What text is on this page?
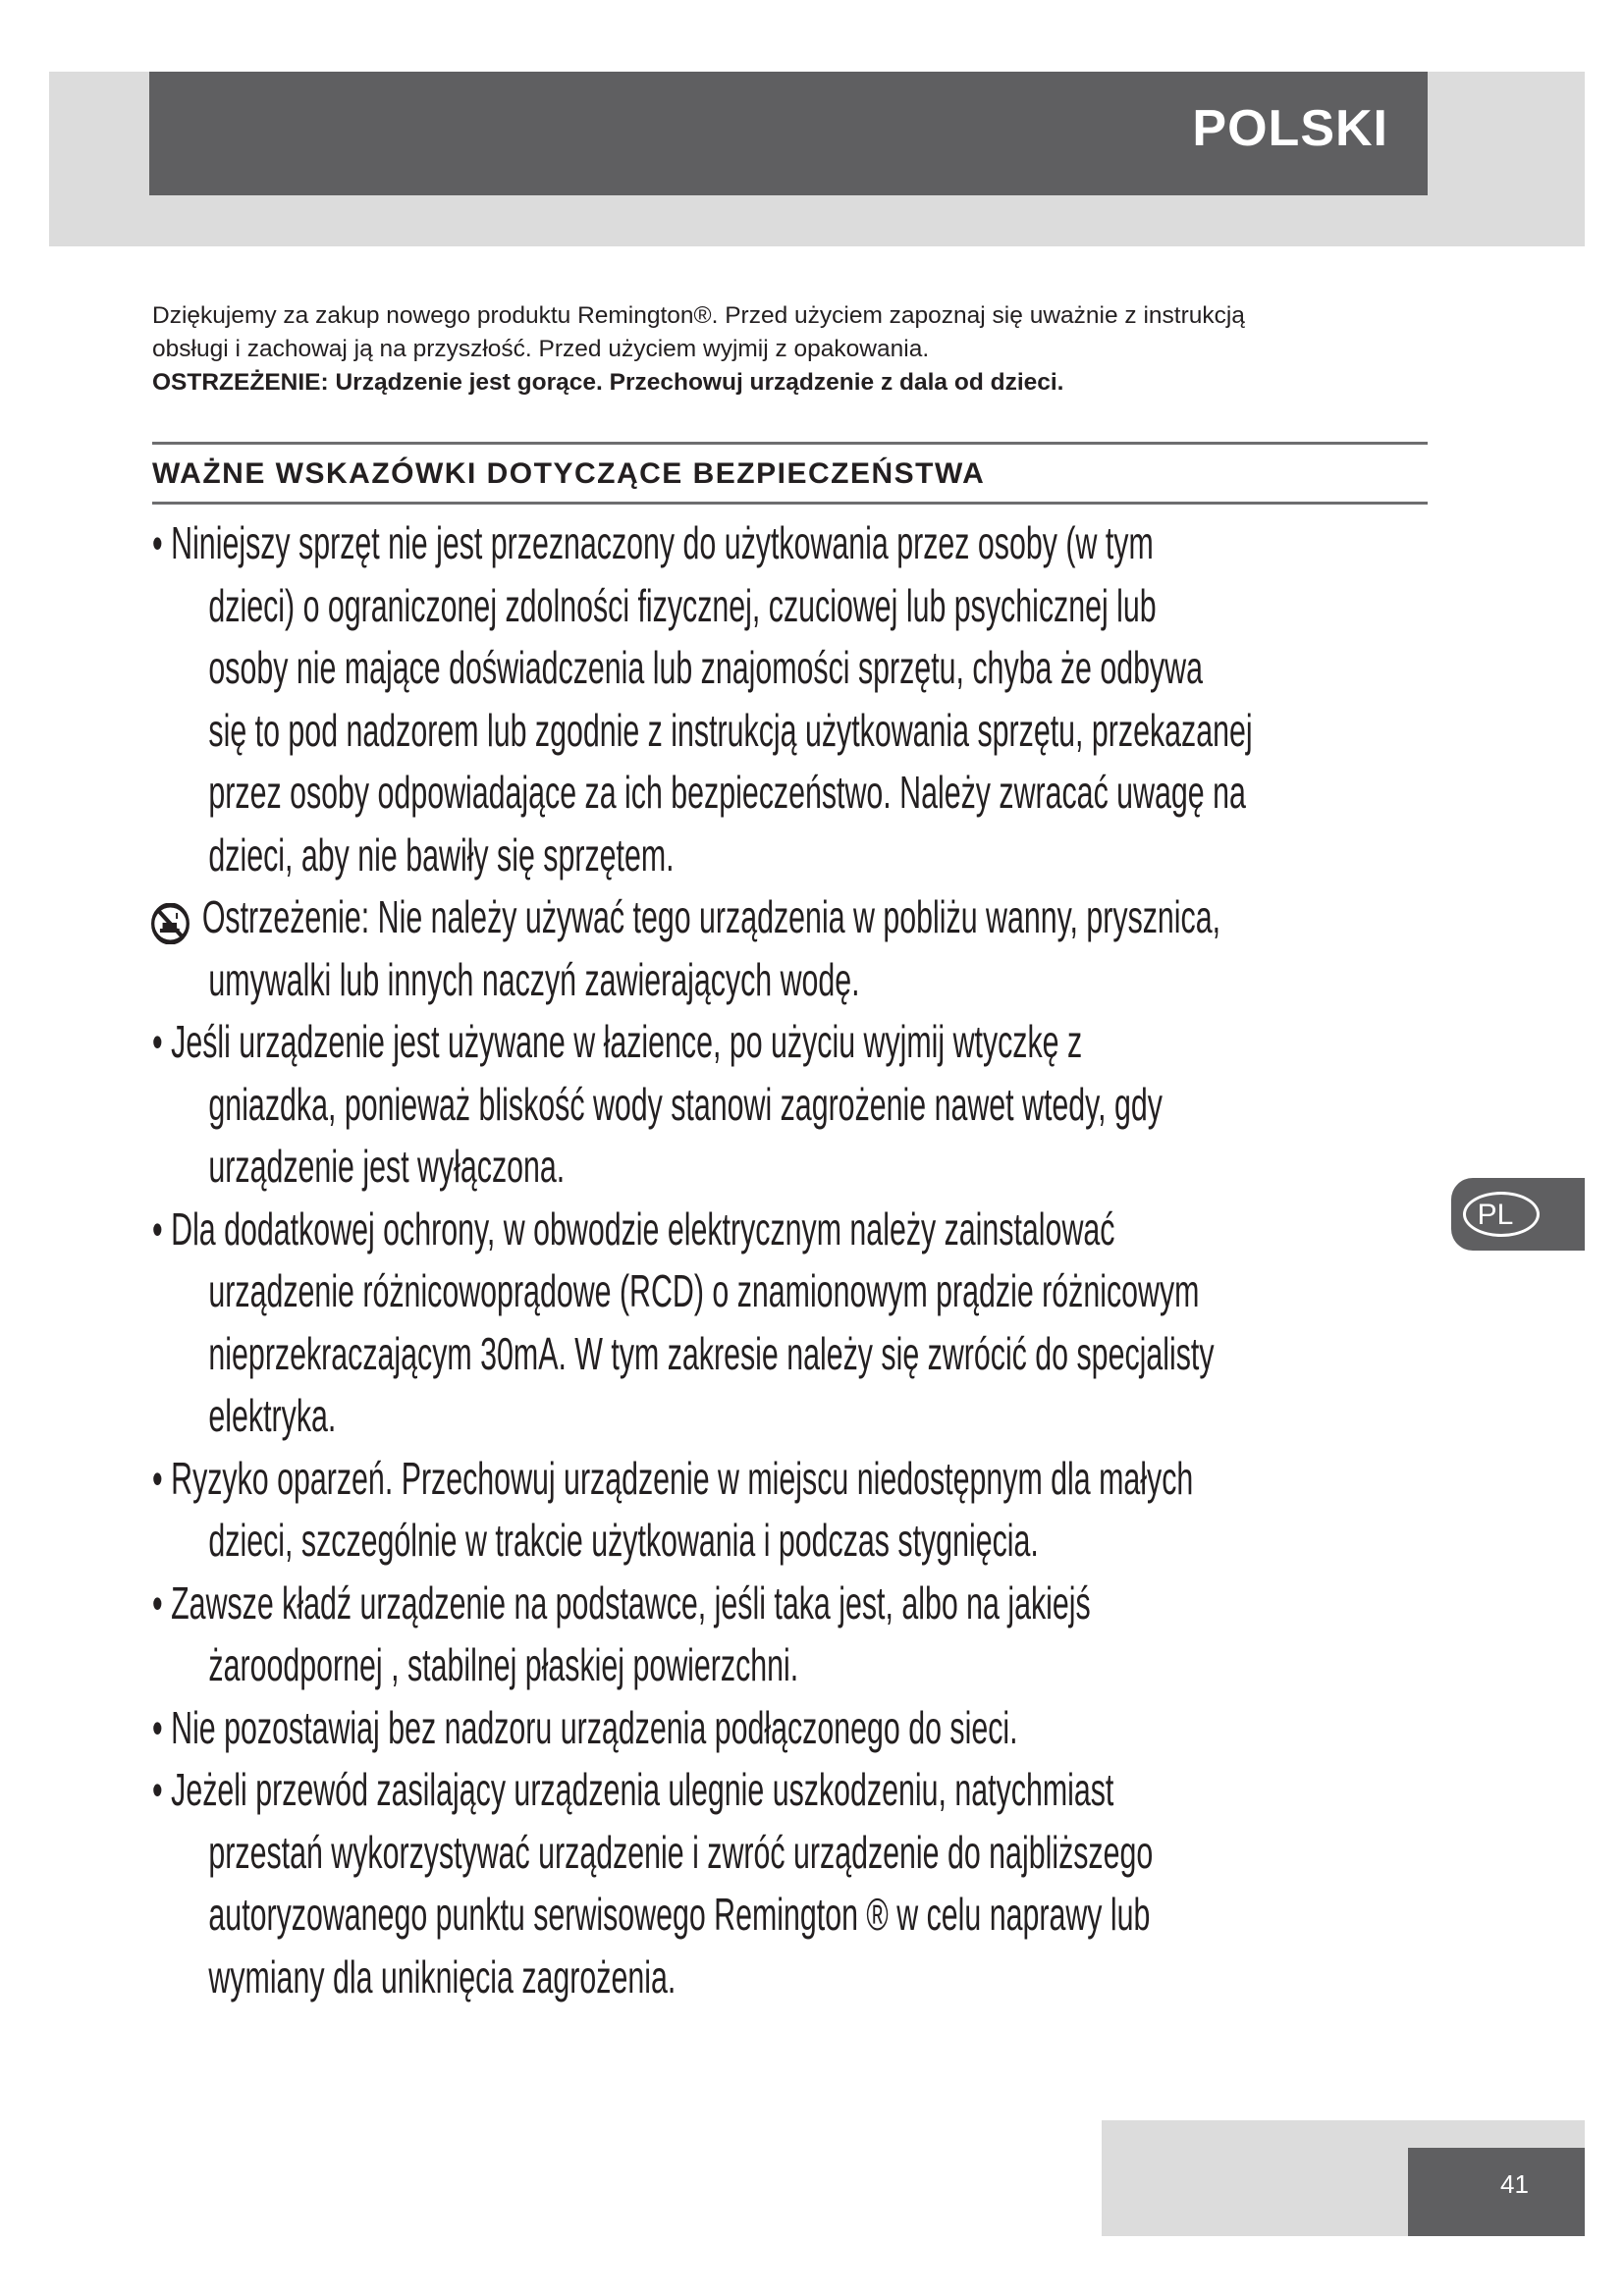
POLSKI

Dziękujemy za zakup nowego produktu Remington®. Przed użyciem zapoznaj się uważnie z instrukcją

obsługi i zachowaj ją na przyszłość. Przed użyciem wyjmij z opakowania.

OSTRZEŻENIE: Urządzenie jest gorące. Przechowuj urządzenie z dala od dzieci.

WAŻNE WSKAZÓWKI DOTYCZĄCE BEZPIECZEŃSTWA
• Niniejszy sprzęt nie jest przeznaczony do użytkowania przez osoby (w tym
dzieci) o ograniczonej zdolności fizycznej, czuciowej lub psychicznej lub
osoby nie mające doświadczenia lub znajomości sprzętu, chyba że odbywa
się to pod nadzorem lub zgodnie z instrukcją użytkowania sprzętu, przekazanej
przez osoby odpowiadające za ich bezpieczeństwo. Należy zwracać uwagę na
dzieci, aby nie bawiły się sprzętem.
Ostrzeżenie: Nie należy używać tego urządzenia w pobliżu wanny, prysznica,
umywalki lub innych naczyń zawierających wodę.
• Jeśli urządzenie jest używane w łazience, po użyciu wyjmij wtyczkę z
gniazdka, ponieważ bliskość wody stanowi zagrożenie nawet wtedy, gdy
urządzenie jest wyłączona.
• Dla dodatkowej ochrony, w obwodzie elektrycznym należy zainstalować
urządzenie różnicowoprądowe (RCD) o znamionowym prądzie różnicowym
nieprzekraczającym 30mA. W tym zakresie należy się zwrócić do specjalisty
elektryka.
• Ryzyko oparzeń. Przechowuj urządzenie w miejscu niedostępnym dla małych
dzieci, szczególnie w trakcie użytkowania i podczas stygnięcia.
• Zawsze kładź urządzenie na podstawce, jeśli taka jest, albo na jakiejś
żaroodpornej , stabilnej płaskiej powierzchni.
• Nie pozostawiaj bez nadzoru urządzenia podłączonego do sieci.
• Jeżeli przewód zasilający urządzenia ulegnie uszkodzeniu, natychmiast
przestań wykorzystywać urządzenie i zwróć urządzenie do najbliższego
autoryzowanego punktu serwisowego Remington ® w celu naprawy lub
wymiany dla uniknięcia zagrożenia.
PL
41
